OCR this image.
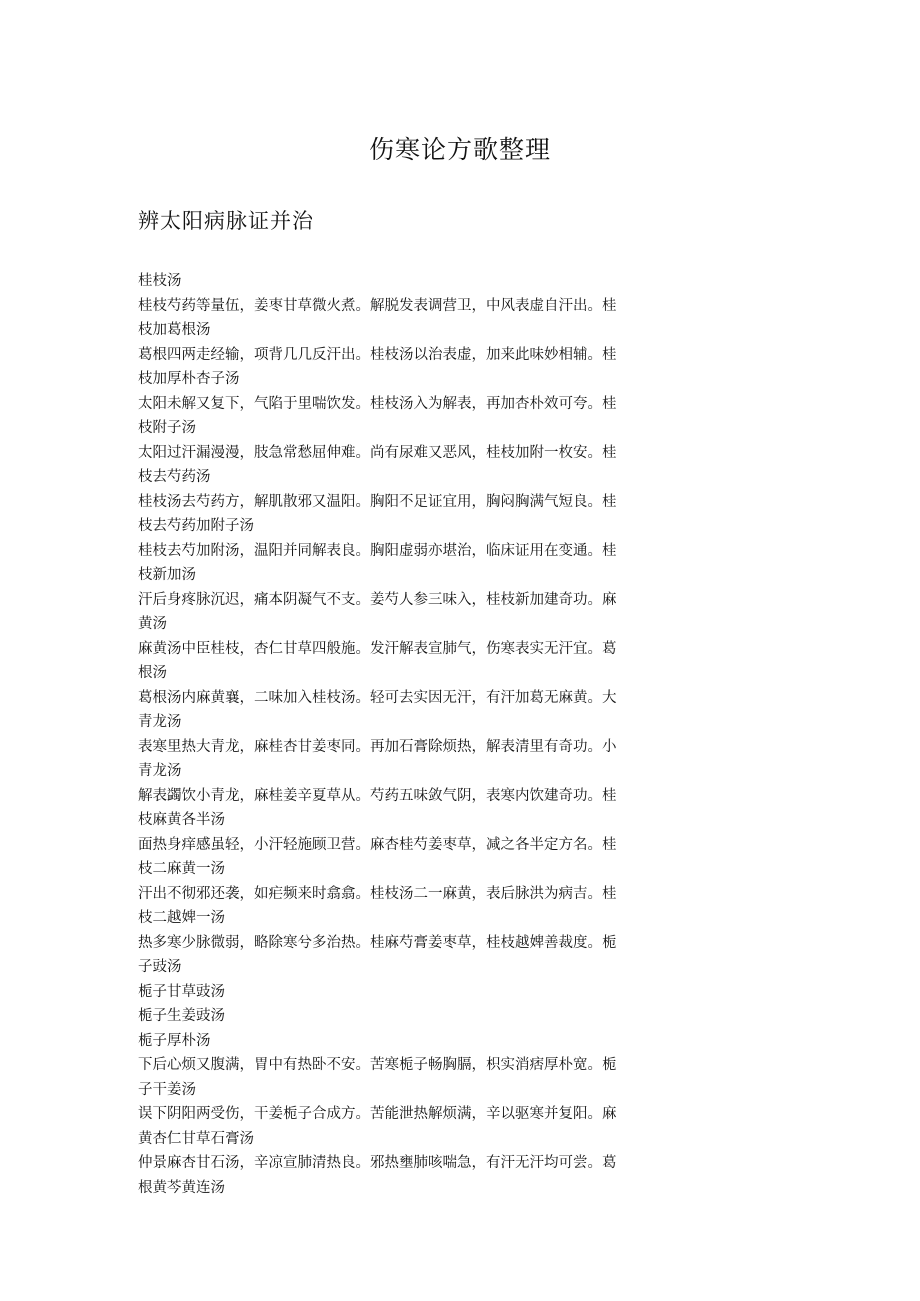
伤寒论方歌整理
辨太阳病脉证并治
桂枝汤
桂枝芍药等量伍，姜枣甘草微火煮。解脱发表调营卫，中风表虚自汗出。桂
枝加葛根汤
葛根四两走经输，项背几几反汗出。桂枝汤以治表虚，加来此味妙相辅。桂
枝加厚朴杏子汤
太阳未解又复下，气陷于里喘饮发。桂枝汤入为解表，再加杏朴效可夸。桂
枝附子汤
太阳过汗漏漫漫，肢急常愁屈伸难。尚有尿难又恶风，桂枝加附一枚安。桂
枝去芍药汤
桂枝汤去芍药方，解肌散邪又温阳。胸阳不足证宜用，胸闷胸满气短良。桂
枝去芍药加附子汤
桂枝去芍加附汤，温阳并同解表良。胸阳虚弱亦堪治，临床证用在变通。桂
枝新加汤
汗后身疼脉沉迟，痛本阴凝气不支。姜芍人参三味入，桂枝新加建奇功。麻
黄汤
麻黄汤中臣桂枝，杏仁甘草四般施。发汗解表宣肺气，伤寒表实无汗宜。葛
根汤
葛根汤内麻黄襄，二味加入桂枝汤。轻可去实因无汗，有汗加葛无麻黄。大
青龙汤
表寒里热大青龙，麻桂杏甘姜枣同。再加石膏除烦热，解表清里有奇功。小
青龙汤
解表蠲饮小青龙，麻桂姜辛夏草从。芍药五味敛气阴，表寒内饮建奇功。桂
枝麻黄各半汤
面热身痒感虽轻，小汗轻施顾卫营。麻杏桂芍姜枣草，减之各半定方名。桂
枝二麻黄一汤
汗出不彻邪还袭，如疟频来时翕翕。桂枝汤二一麻黄，表后脉洪为病吉。桂
枝二越婢一汤
热多寒少脉微弱，略除寒兮多治热。桂麻芍膏姜枣草，桂枝越婢善裁度。栀
子豉汤
栀子甘草豉汤
栀子生姜豉汤
栀子厚朴汤
下后心烦又腹满，胃中有热卧不安。苦寒栀子畅胸膈，枳实消痞厚朴宽。栀
子干姜汤
误下阴阳两受伤，干姜栀子合成方。苦能泄热解烦满，辛以驱寒并复阳。麻
黄杏仁甘草石膏汤
仲景麻杏甘石汤，辛凉宣肺清热良。邪热壅肺咳喘急，有汗无汗均可尝。葛
根黄芩黄连汤
